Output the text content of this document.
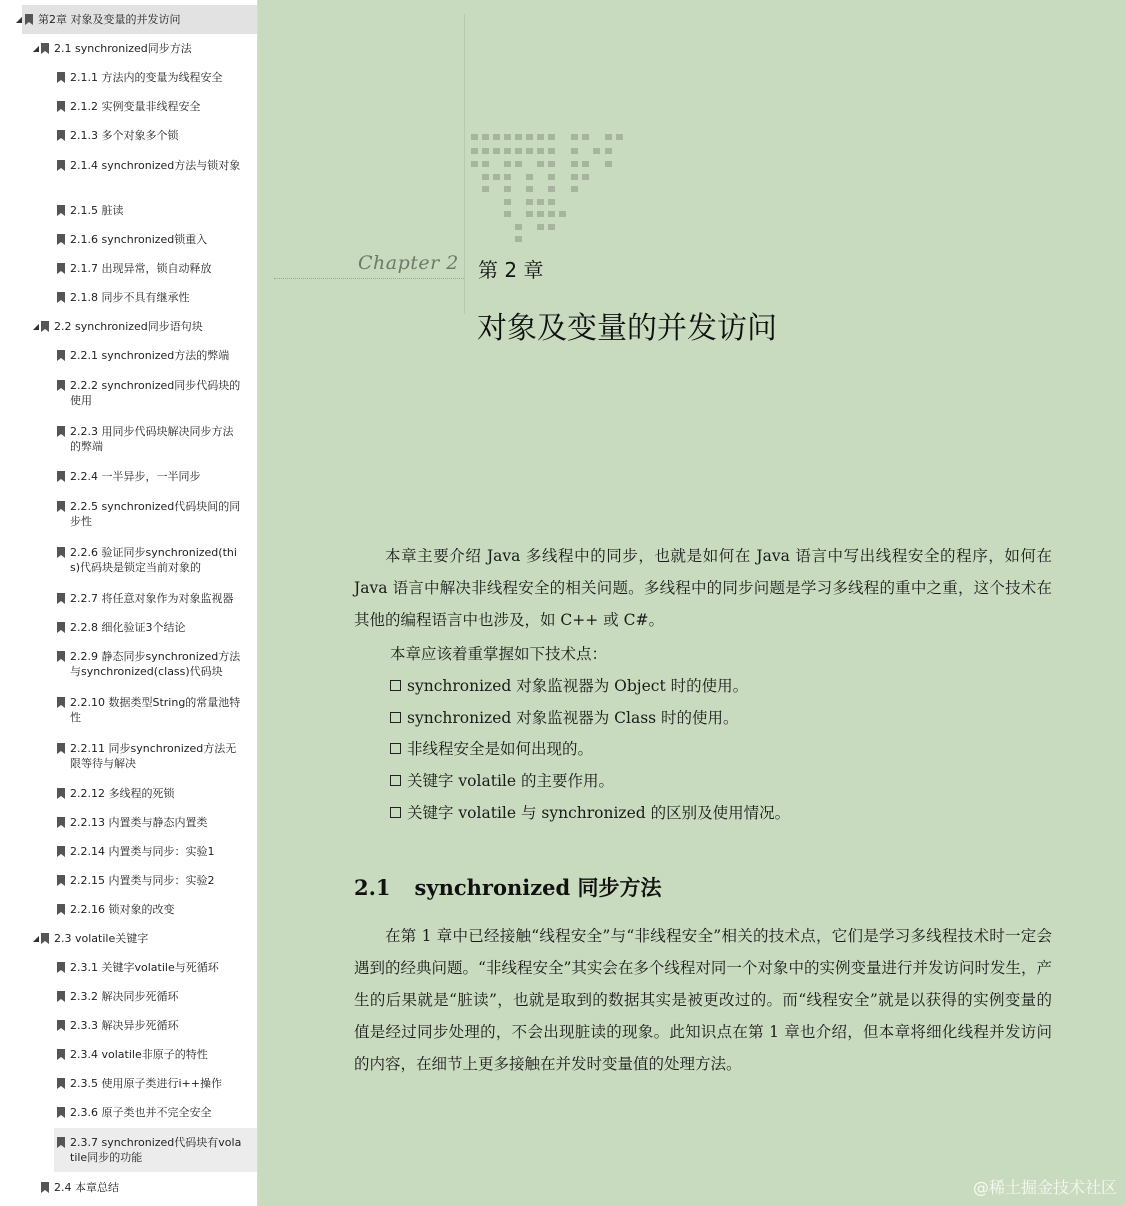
◢ 第2章 对象及变量的并发访问
◢ 2.1 synchronized同步方法
2.1.1 方法内的变量为线程安全
2.1.2 实例变量非线程安全
2.1.3 多个对象多个锁
2.1.4 synchronized方法与锁对象
2.1.5 脏读
2.1.6 synchronized锁重入
2.1.7 出现异常，锁自动释放
2.1.8 同步不具有继承性
◢ 2.2 synchronized同步语句块
2.2.1 synchronized方法的弊端
2.2.2 synchronized同步代码块的使用
2.2.3 用同步代码块解决同步方法的弊端
2.2.4 一半异步，一半同步
2.2.5 synchronized代码块间的同步性
2.2.6 验证同步synchronized(this)代码块是锁定当前对象的
2.2.7 将任意对象作为对象监视器
2.2.8 细化验证3个结论
2.2.9 静态同步synchronized方法与synchronized(class)代码块
2.2.10 数据类型String的常量池特性
2.2.11 同步synchronized方法无限等待与解决
2.2.12 多线程的死锁
2.2.13 内置类与静态内置类
2.2.14 内置类与同步：实验1
2.2.15 内置类与同步：实验2
2.2.16 锁对象的改变
◢ 2.3 volatile关键字
2.3.1 关键字volatile与死循环
2.3.2 解决同步死循环
2.3.3 解决异步死循环
2.3.4 volatile非原子的特性
2.3.5 使用原子类进行i++操作
2.3.6 原子类也并不完全安全
2.3.7 synchronized代码块有volatile同步的功能
2.4 本章总结
Chapter 2 第 2 章
对象及变量的并发访问

本章主要介绍 Java 多线程中的同步，也就是如何在 Java 语言中写出线程安全的程序，如何在 Java 语言中解决非线程安全的相关问题。多线程中的同步问题是学习多线程的重中之重，这个技术在其他的编程语言中也涉及，如 C++ 或 C#。

本章应该着重掌握如下技术点：
synchronized 对象监视器为 Object 时的使用。
synchronized 对象监视器为 Class 时的使用。
非线程安全是如何出现的。
关键字 volatile 的主要作用。
关键字 volatile 与 synchronized 的区别及使用情况。
2.1 synchronized 同步方法

在第 1 章中已经接触“线程安全”与“非线程安全”相关的技术点，它们是学习多线程技术时一定会遇到的经典问题。“非线程安全”其实会在多个线程对同一个对象中的实例变量进行并发访问时发生，产生的后果就是“脏读”，也就是取到的数据其实是被更改过的。而“线程安全”就是以获得的实例变量的值是经过同步处理的，不会出现脏读的现象。此知识点在第 1 章也介绍，但本章将细化线程并发访问的内容，在细节上更多接触在并发时变量值的处理方法。

@稀土掘金技术社区
